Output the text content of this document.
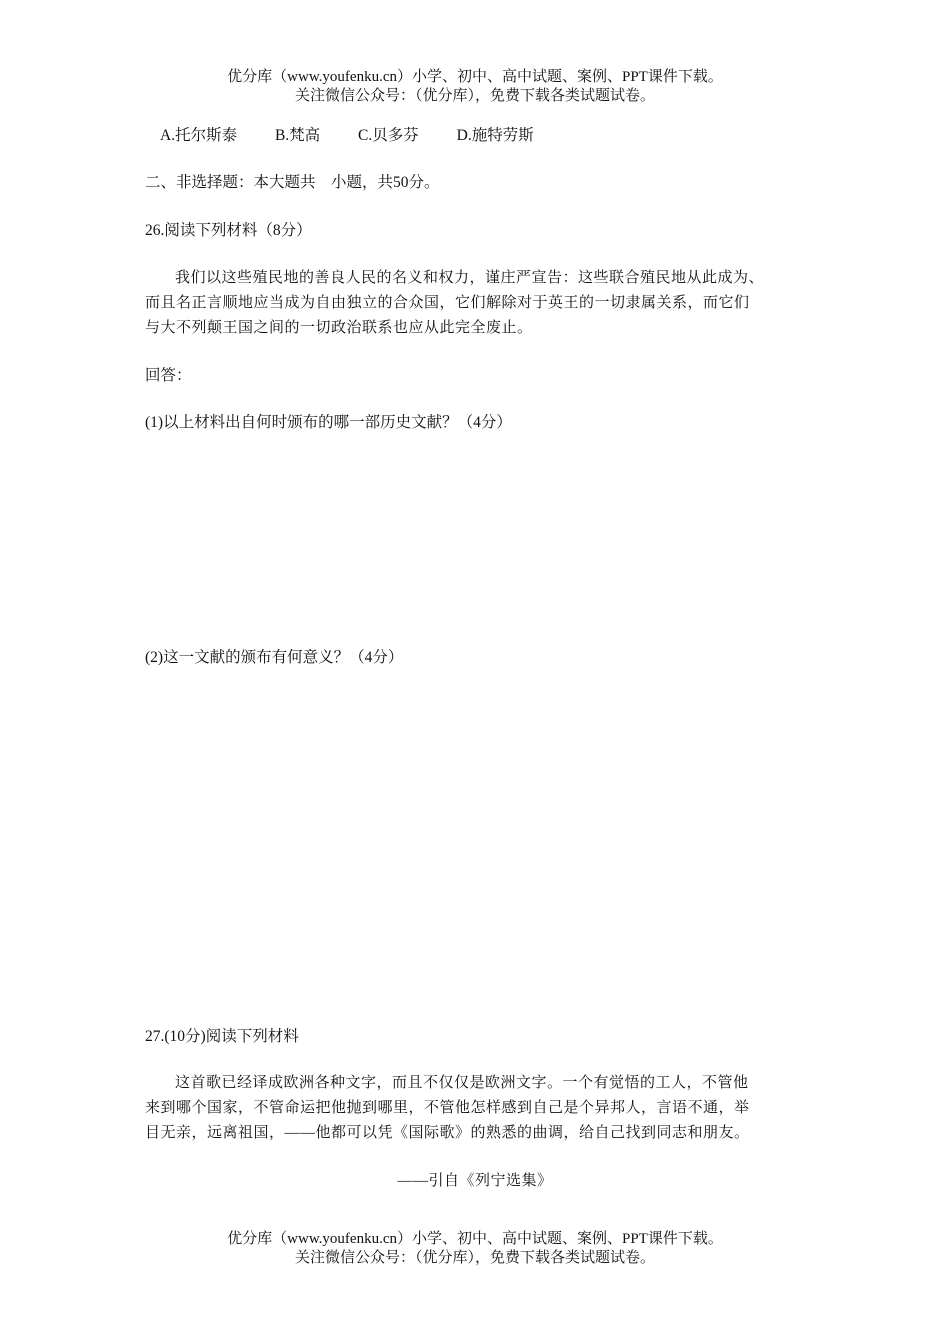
优分库（www.youfenku.cn）小学、初中、高中试题、案例、PPT课件下载。
关注微信公众号：（优分库），免费下载各类试题试卷。
A.托尔斯泰 B.梵高 C.贝多芬 D.施特劳斯
二、非选择题：本大题共　小题，共50分。
26.阅读下列材料（8分）
我们以这些殖民地的善良人民的名义和权力，谨庄严宣告：这些联合殖民地从此成为、
而且名正言顺地应当成为自由独立的合众国，它们解除对于英王的一切隶属关系，而它们
与大不列颠王国之间的一切政治联系也应从此完全废止。
回答：
(1)以上材料出自何时颁布的哪一部历史文献？（4分）
(2)这一文献的颁布有何意义？（4分）
27.(10分)阅读下列材料
这首歌已经译成欧洲各种文字，而且不仅仅是欧洲文字。一个有觉悟的工人，不管他
来到哪个国家，不管命运把他抛到哪里，不管他怎样感到自己是个异邦人，言语不通，举
目无亲，远离祖国，——他都可以凭《国际歌》的熟悉的曲调，给自己找到同志和朋友。
——引自《列宁选集》
优分库（www.youfenku.cn）小学、初中、高中试题、案例、PPT课件下载。
关注微信公众号：（优分库），免费下载各类试题试卷。
